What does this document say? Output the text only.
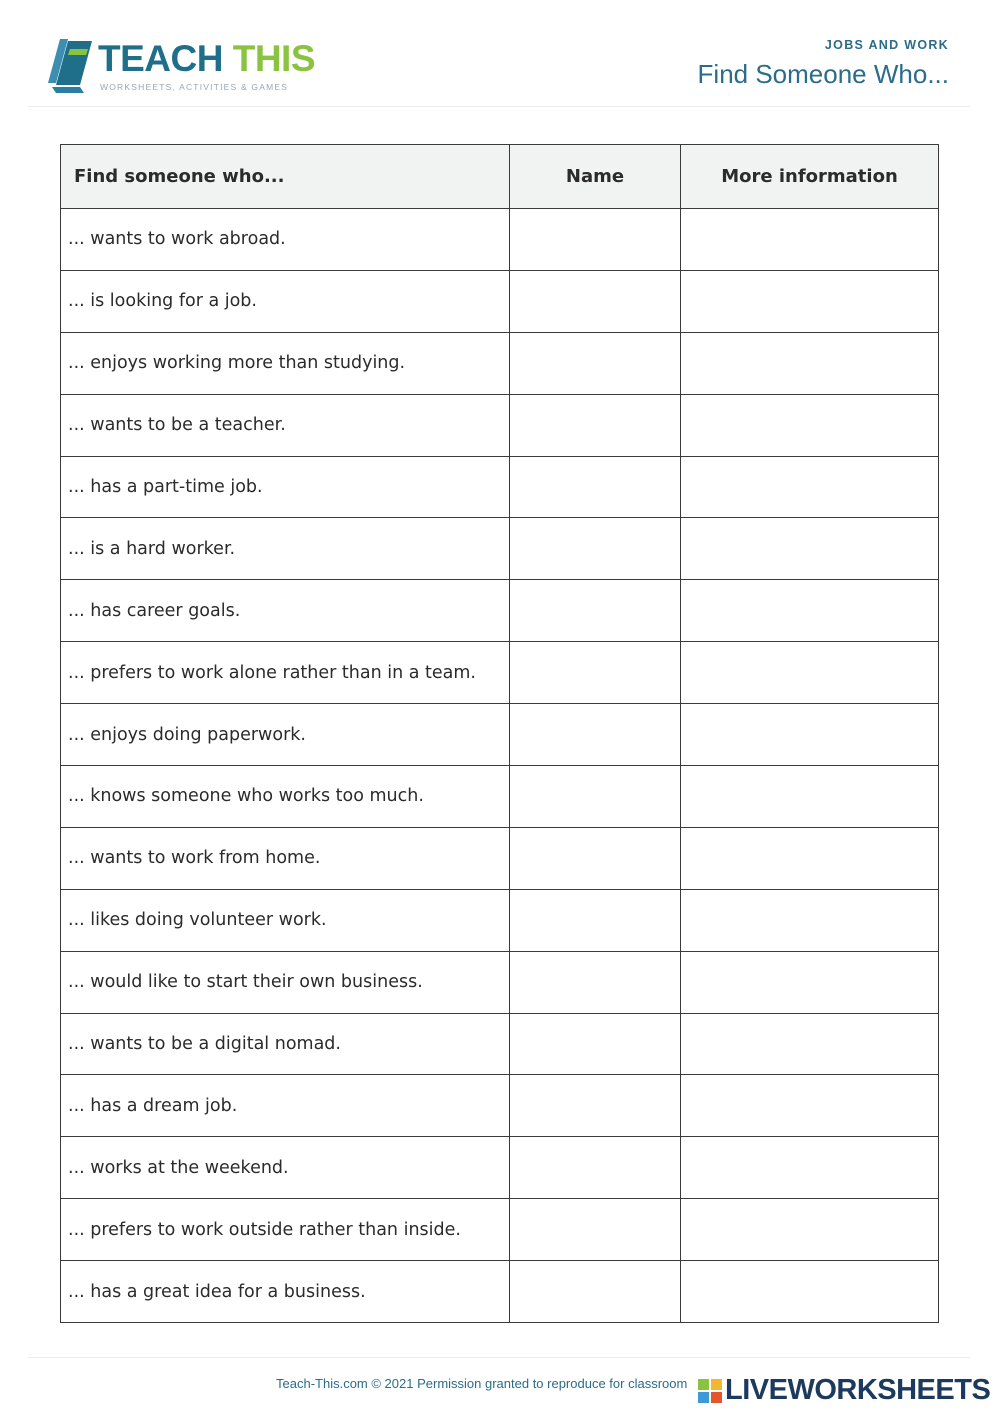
TEACH THIS
WORKSHEETS, ACTIVITIES & GAMES
JOBS AND WORK
Find Someone Who...
Find someone who...	Name	More information
... wants to work abroad.		
... is looking for a job.		
... enjoys working more than studying.		
... wants to be a teacher.		
... has a part-time job.		
... is a hard worker.		
... has career goals.		
... prefers to work alone rather than in a team.		
... enjoys doing paperwork.		
... knows someone who works too much.		
... wants to work from home.		
... likes doing volunteer work.		
... would like to start their own business.		
... wants to be a digital nomad.		
... has a dream job.		
... works at the weekend.		
... prefers to work outside rather than inside.		
... has a great idea for a business.		
Teach-This.com © 2021 Permission granted to reproduce for classroom LIVEWORKSHEETS
